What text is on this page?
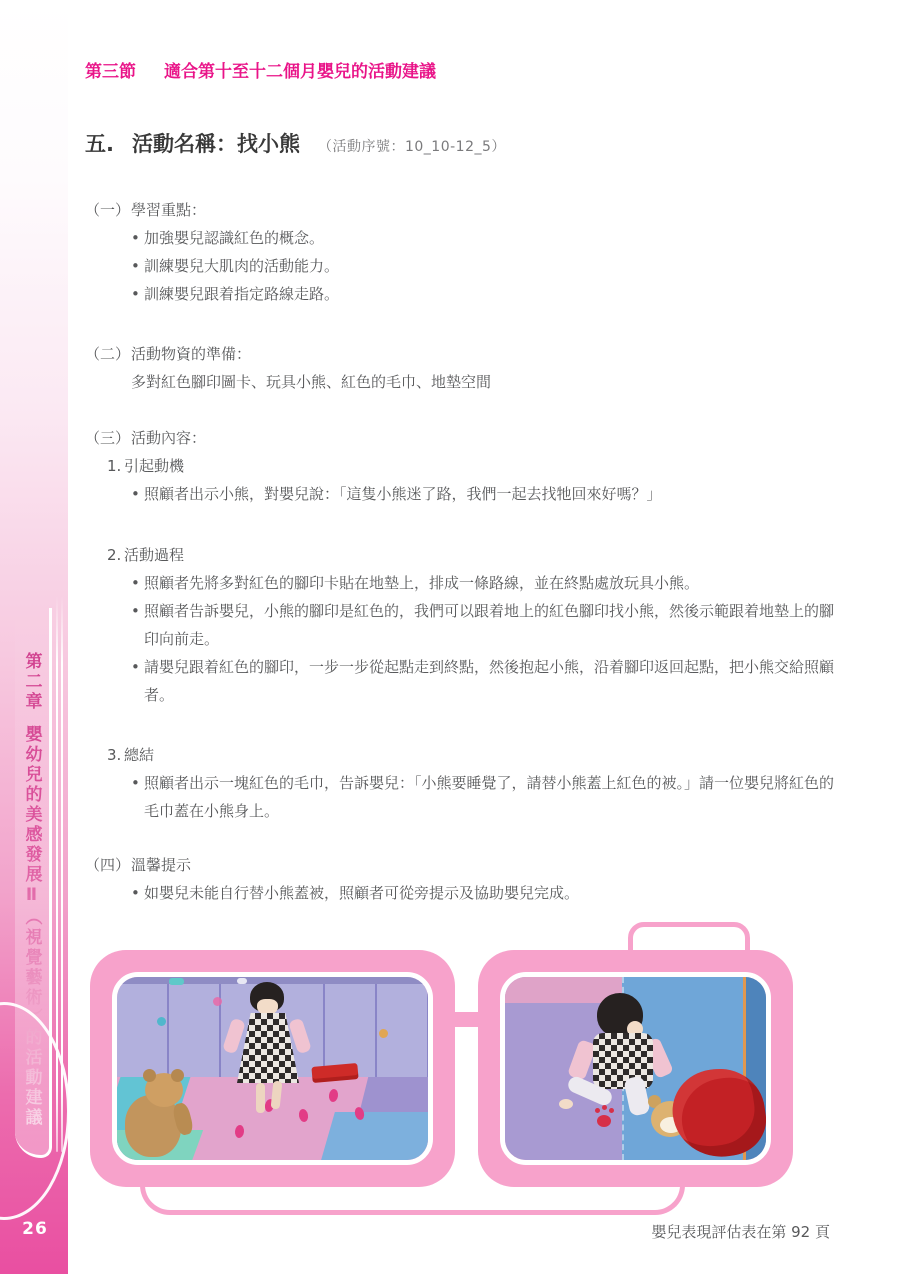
第二章嬰幼兒的美感發展Ⅱ（視覺藝術）的活動建議
26
第三節 適合第十至十二個月嬰兒的活動建議
五. 活動名稱：找小熊 （活動序號：10_10-12_5）
（一） 學習重點：
•
加強嬰兒認識紅色的概念。
•
訓練嬰兒大肌肉的活動能力。
•
訓練嬰兒跟着指定路線走路。
（二） 活動物資的準備：
多對紅色腳印圖卡、玩具小熊、紅色的毛巾、地墊空間
（三） 活動內容：
1. 引起動機
•
照顧者出示小熊，對嬰兒說：「這隻小熊迷了路，我們一起去找牠回來好嗎？」
2. 活動過程
•
照顧者先將多對紅色的腳印卡貼在地墊上，排成一條路線，並在終點處放玩具小熊。
•
照顧者告訴嬰兒，小熊的腳印是紅色的，我們可以跟着地上的紅色腳印找小熊，然後示範跟着地墊上的腳印向前走。
•
請嬰兒跟着紅色的腳印，一步一步從起點走到終點，然後抱起小熊，沿着腳印返回起點，把小熊交給照顧者。
3. 總結
•
照顧者出示一塊紅色的毛巾，告訴嬰兒：「小熊要睡覺了，請替小熊蓋上紅色的被。」請一位嬰兒將紅色的毛巾蓋在小熊身上。
（四） 溫馨提示
•
如嬰兒未能自行替小熊蓋被，照顧者可從旁提示及協助嬰兒完成。
嬰兒表現評估表在第 92 頁
